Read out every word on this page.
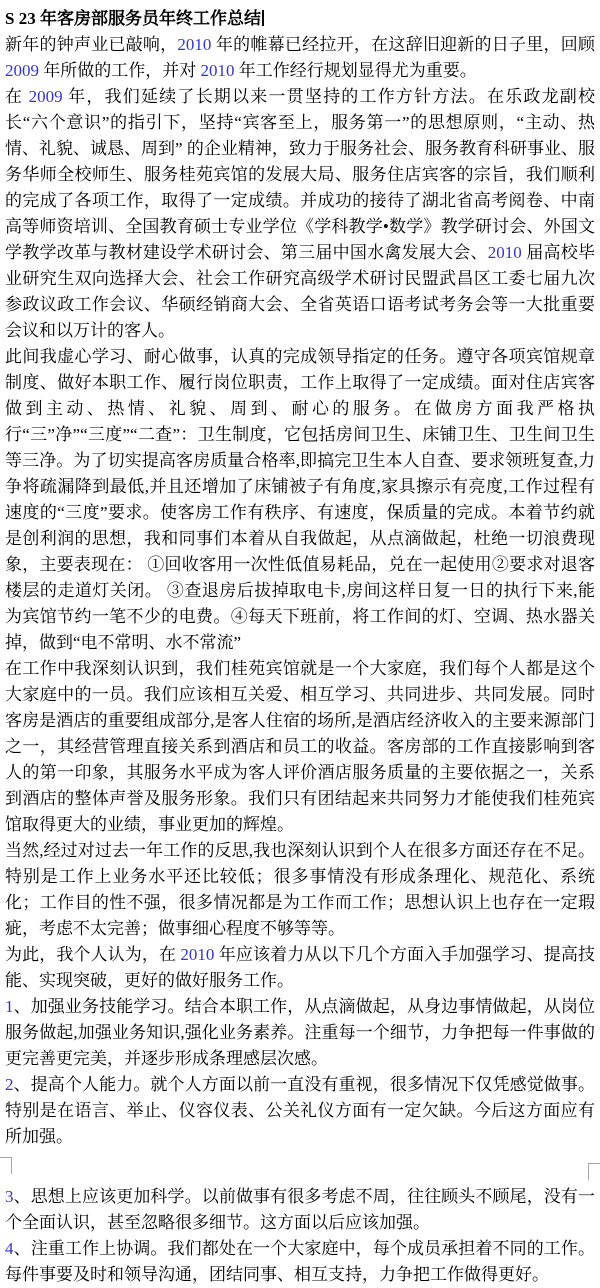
S 23 年客房部服务员年终工作总结

新年的钟声业已敲响，2010 年的帷幕已经拉开，在这辞旧迎新的日子里，回顾2009 年所做的工作，并对 2010 年工作经行规划显得尤为重要。

在 2009 年，我们延续了长期以来一贯坚持的工作方针方法。在乐政龙副校长“六个意识”的指引下，坚持“宾客至上，服务第一”的思想原则，“主动、热情、礼貌、诚恳、周到” 的企业精神，致力于服务社会、服务教育科研事业、服务华师全校师生、服务桂苑宾馆的发展大局、服务住店宾客的宗旨，我们顺利的完成了各项工作，取得了一定成绩。并成功的接待了湖北省高考阅卷、中南高等师资培训、全国教育硕士专业学位《学科教学•数学》教学研讨会、外国文学教学改革与教材建设学术研讨会、第三届中国水禽发展大会、2010 届高校毕业研究生双向选择大会、社会工作研究高级学术研讨民盟武昌区工委七届九次参政议政工作会议、华硕经销商大会、全省英语口语考试考务会等一大批重要会议和以万计的客人。

此间我虚心学习、耐心做事，认真的完成领导指定的任务。遵守各项宾馆规章制度、做好本职工作、履行岗位职责，工作上取得了一定成绩。面对住店宾客做到主动、热情、礼貌、周到、耐心的服务。在做房方面我严格执行“三”净”“三度”“二查”：卫生制度，它包括房间卫生、床铺卫生、卫生间卫生等三净。为了切实提高客房质量合格率,即搞完卫生本人自查、要求领班复查,力争将疏漏降到最低,并且还增加了床铺被子有角度,家具擦示有亮度,工作过程有速度的“三度”要求。使客房工作有秩序、有速度，保质量的完成。本着节约就是创利润的思想，我和同事们本着从自我做起，从点滴做起，杜绝一切浪费现象，主要表现在： ①回收客用一次性低值易耗品，兑在一起使用②要求对退客楼层的走道灯关闭。 ③查退房后拔掉取电卡,房间这样日复一日的执行下来,能为宾馆节约一笔不少的电费。④每天下班前，将工作间的灯、空调、热水器关掉，做到“电不常明、水不常流”

在工作中我深刻认识到，我们桂苑宾馆就是一个大家庭，我们每个人都是这个大家庭中的一员。我们应该相互关爱、相互学习、共同进步、共同发展。同时客房是酒店的重要组成部分,是客人住宿的场所,是酒店经济收入的主要来源部门之一，其经营管理直接关系到酒店和员工的收益。客房部的工作直接影响到客人的第一印象，其服务水平成为客人评价酒店服务质量的主要依据之一，关系到酒店的整体声誉及服务形象。我们只有团结起来共同努力才能使我们桂苑宾馆取得更大的业绩，事业更加的辉煌。

当然,经过对过去一年工作的反思,我也深刻认识到个人在很多方面还存在不足。特别是工作上业务水平还比较低；很多事情没有形成条理化、规范化、系统化；工作目的性不强，很多情况都是为工作而工作；思想认识上也存在一定瑕疵，考虑不太完善；做事细心程度不够等等。

为此，我个人认为，在 2010 年应该着力从以下几个方面入手加强学习、提高技能、实现突破，更好的做好服务工作。

1、加强业务技能学习。结合本职工作，从点滴做起，从身边事情做起，从岗位服务做起,加强业务知识,强化业务素养。注重每一个细节，力争把每一件事做的更完善更完美，并逐步形成条理感层次感。

2、提高个人能力。就个人方面以前一直没有重视，很多情况下仅凭感觉做事。特别是在语言、举止、仪容仪表、公关礼仪方面有一定欠缺。今后这方面应有所加强。

3、思想上应该更加科学。以前做事有很多考虑不周，往往顾头不顾尾，没有一个全面认识，甚至忽略很多细节。这方面以后应该加强。

4、注重工作上协调。我们都处在一个大家庭中，每个成员承担着不同的工作。每件事要及时和领导沟通，团结同事、相互支持，力争把工作做得更好。
